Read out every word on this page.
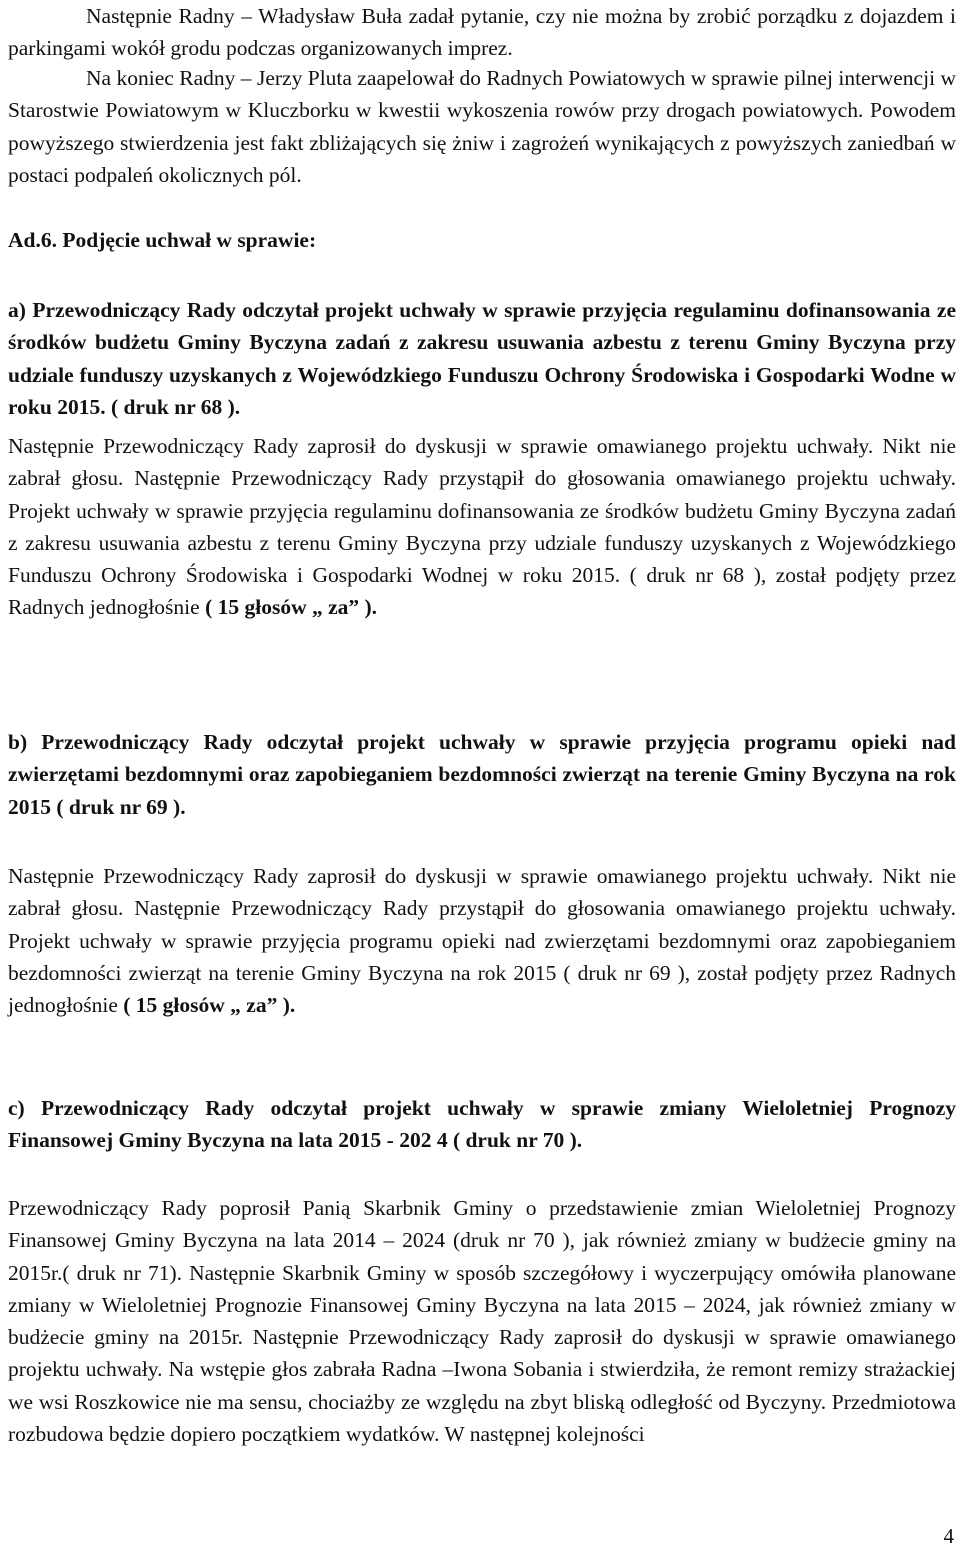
Następnie Radny – Władysław Buła zadał pytanie, czy nie można by zrobić porządku z dojazdem i parkingami wokół grodu podczas organizowanych imprez.

Na koniec Radny – Jerzy Pluta zaapelował do Radnych Powiatowych w sprawie pilnej interwencji w Starostwie Powiatowym w Kluczborku w kwestii wykoszenia rowów przy drogach powiatowych. Powodem powyższego stwierdzenia jest fakt zbliżających się żniw i zagrożeń wynikających z powyższych zaniedbań w postaci podpaleń okolicznych pól.

Ad.6. Podjęcie uchwał w sprawie:

a) Przewodniczący Rady odczytał projekt uchwały w sprawie przyjęcia regulaminu dofinansowania ze środków budżetu Gminy Byczyna zadań z zakresu usuwania azbestu z terenu Gminy Byczyna przy udziale funduszy uzyskanych z Wojewódzkiego Funduszu Ochrony Środowiska i Gospodarki Wodne w roku 2015. ( druk nr 68 ).

Następnie Przewodniczący Rady zaprosił do dyskusji w sprawie omawianego projektu uchwały. Nikt nie zabrał głosu. Następnie Przewodniczący Rady przystąpił do głosowania omawianego projektu uchwały. Projekt uchwały w sprawie przyjęcia regulaminu dofinansowania ze środków budżetu Gminy Byczyna zadań z zakresu usuwania azbestu z terenu Gminy Byczyna przy udziale funduszy uzyskanych z Wojewódzkiego Funduszu Ochrony Środowiska i Gospodarki Wodnej w roku 2015. ( druk nr 68 ), został podjęty przez Radnych jednogłośnie ( 15 głosów „ za” ).

b) Przewodniczący Rady odczytał projekt uchwały w sprawie przyjęcia programu opieki nad zwierzętami bezdomnymi oraz zapobieganiem bezdomności zwierząt na terenie Gminy Byczyna na rok 2015 ( druk nr 69 ).

Następnie Przewodniczący Rady zaprosił do dyskusji w sprawie omawianego projektu uchwały. Nikt nie zabrał głosu. Następnie Przewodniczący Rady przystąpił do głosowania omawianego projektu uchwały. Projekt uchwały w sprawie przyjęcia programu opieki nad zwierzętami bezdomnymi oraz zapobieganiem bezdomności zwierząt na terenie Gminy Byczyna na rok 2015 ( druk nr 69 ), został podjęty przez Radnych jednogłośnie ( 15 głosów „ za” ).

c) Przewodniczący Rady odczytał projekt uchwały w sprawie zmiany Wieloletniej Prognozy Finansowej Gminy Byczyna na lata 2015 - 202 4 ( druk nr 70 ).

Przewodniczący Rady poprosił Panią Skarbnik Gminy o przedstawienie zmian Wieloletniej Prognozy Finansowej Gminy Byczyna na lata 2014 – 2024 (druk nr 70 ), jak również zmiany w budżecie gminy na 2015r.( druk nr 71). Następnie Skarbnik Gminy w sposób szczegółowy i wyczerpujący omówiła planowane zmiany w Wieloletniej Prognozie Finansowej Gminy Byczyna na lata 2015 – 2024, jak również zmiany w budżecie gminy na 2015r. Następnie Przewodniczący Rady zaprosił do dyskusji w sprawie omawianego projektu uchwały. Na wstępie głos zabrała Radna –Iwona Sobania i stwierdziła, że remont remizy strażackiej we wsi Roszkowice nie ma sensu, chociażby ze względu na zbyt bliską odległość od Byczyny. Przedmiotowa rozbudowa będzie dopiero początkiem wydatków. W następnej kolejności

4
